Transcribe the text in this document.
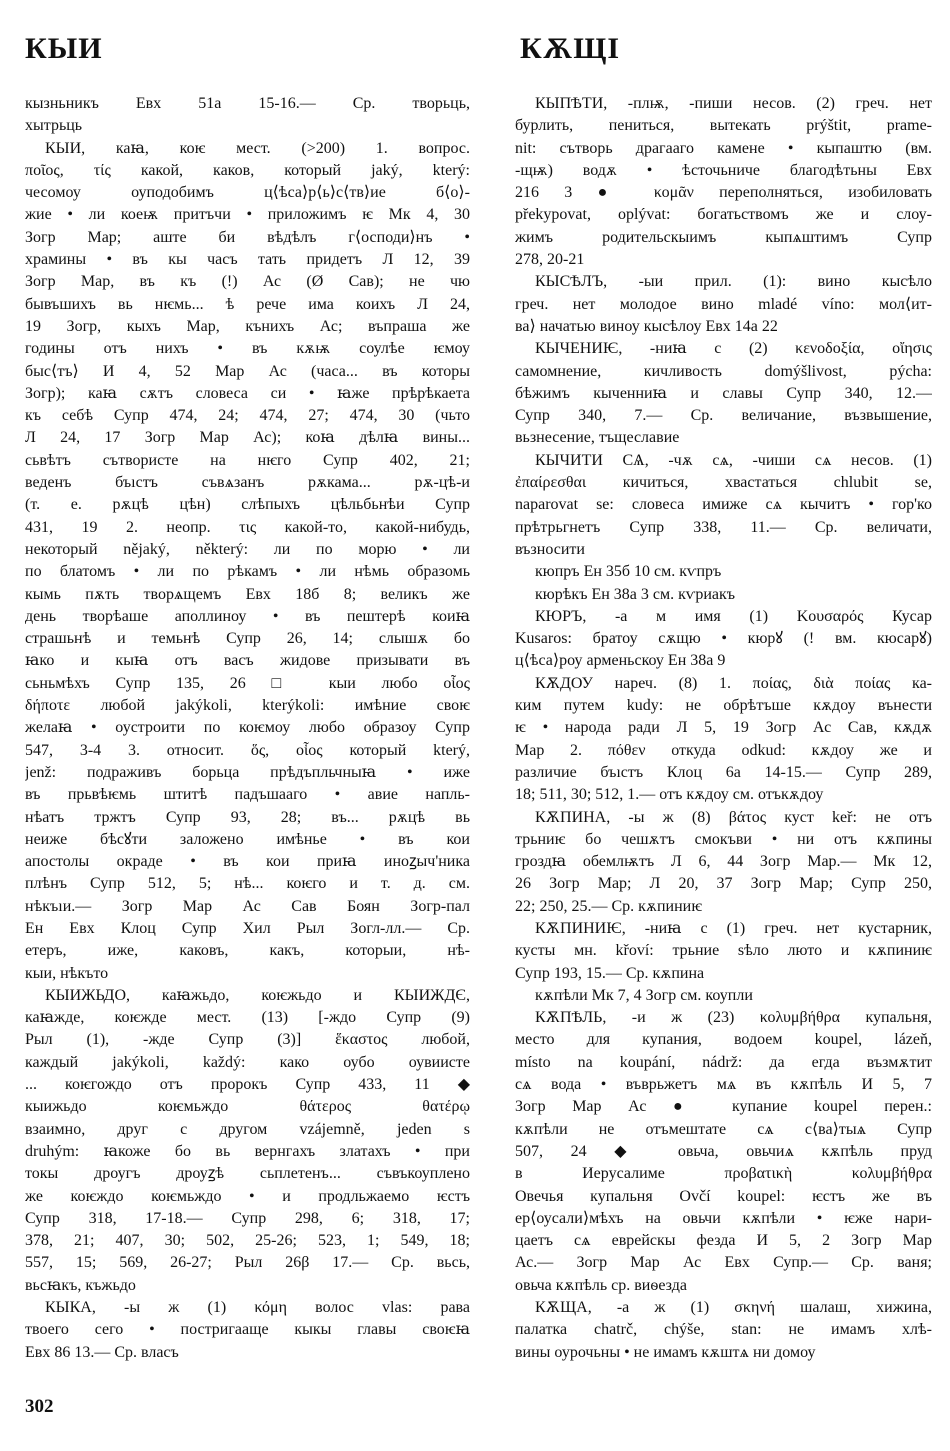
КЫИ	КѪЩІ
кызньникъ Евх 51а 15-16.— Ср. творьць,
хытрьць
КЫИ, каꙗ, коѥ мест. (>200) 1. вопрос.
ποῖος, τίς какой, каков, который jaký, který:
чесомоу оуподобимъ ц⟨ѣса⟩р⟨ь⟩с⟨тв⟩ие б⟨о⟩-
жие • ли коеѭ притъчи • приложимъ ѥ Мк 4, 30
Зогр Мар; аште би вѣдѣлъ г⟨осподи⟩нъ •
храмины • въ кы часъ тать придетъ Л 12, 39
Зогр Мар, въ къ (!) Ас (Ø Сав); не чю
бывъшихъ вь нѥмь... ѣ рече има коихъ Л 24,
19 Зогр, кыхъ Мар, кънихъ Ас; въпраша же
годины отъ нихъ • въ кѫѭ соулѣе ѥмоу
быс⟨тъ⟩ И 4, 52 Мар Ас (часа... въ которы
Зогр); каꙗ сѫтъ словеса си • ꙗже прѣрѣкаета
къ себѣ Супр 474, 24; 474, 27; 474, 30 (чьто
Л 24, 17 Зогр Мар Ас); коꙗ дѣлꙗ вины...
сьвѣтъ сътвористе на нѥго Супр 402, 21;
веденъ бъıстъ съвѧзанъ рѫкама... рѫ-цѣ-и
(т. е. рѫцѣ цѣн) слѣпыхъ цѣльбьнѣи Супр
431, 19 2. неопр. τις какой-то, какой-нибудь,
некоторый nějaký, některý: ли по морю • ли
по блатомъ • ли по рѣкамъ • ли нѣмь образомь
кымь пѫть творѧщемъ Евх 18б 8; великъ же
день творѣаше аполлиноу • въ пештерѣ коиꙗ
страшьнѣ и темьнѣ Супр 26, 14; слышѫ бо
ꙗко и кыꙗ отъ васъ жидове призывати въ
сьньмѣхъ Супр 135, 26 □ кыи любо οἷος
δήποτε любой jakýkoli, kterýkoli: имѣние своѥ
желаꙗ • оустроити по коѥмоу любо образоу Супр
547, 3-4 3. относит. ὅς, οἷος который který,
jenž: подраживъ борьца прѣдъпльчныꙗ • иже
въ прьвѣѥмь штитѣ падъшааго • авие напль-
нѣатъ тржтъ Супр 93, 28; въ... рѫцѣ вь
неиже бѣсꙋти заложено имѣнье • въ кои
апостолы окраде • въ кои приꙗ иноꙁыч'ника
плѣнъ Супр 512, 5; нѣ... коѥго и т. д. см.
нѣкъıи.— Зогр Мар Ас Сав Боян Зогр-пал
Ен Евх Клоц Супр Хил Рыл Зогл-лл.— Ср.
етеръ, иже, каковъ, какъ, которыи, нѣ-
кыи, нѣкъто
КЫИЖЬДО, каꙗжьдо, коѥжьдо и КЫИЖДЄ,
каꙗжде, коѥжде мест. (13) [-ждо Супр (9)
Рыл (1), -жде Супр (3)] ἕκαστος любой,
каждый jakýkoli, každý: како оубо оувиисте
... коѥгождо отъ пророкъ Супр 433, 11 ◆
кыижьдо коѥмьждо θάτερος θατέρῳ
взаимно, друг с другом vzájemně, jeden s
druhým: ꙗкоже бо вь вернгахъ златахъ • при
токы дроугъ дроуꙁѣ сьплетенъ... съвъкоуплено
же коѥждо коѥмьждо • и продльжаемо ѥстъ
Супр 318, 17-18.— Супр 298, 6; 318, 17;
378, 21; 407, 30; 502, 25-26; 523, 1; 549, 18;
557, 15; 569, 26-27; Рыл 26β 17.— Ср. вьсь,
вьсꙗкъ, къжьдо
КЫКА, -ы ж (1) κόμη волос vlas: рава
твоего сего • постригааще кыкы главы своѥꙗ
Евх 86 13.— Ср. власъ
КЫПѢТИ, -плѭ, -пиши несов. (2) греч. нет
бурлить, пениться, вытекать prýštit, prame-
nit: сътворь драгааго камене • кыпаштю (вм.
-щѭ) водѫ • ѣсточьниче благодѣтьны Евх
216 3 ● κομᾶν переполняться, изобиловать
překypovat, oplývat: богатьствомъ же и слоу-
жимъ родительскыимъ кыпѧштимъ Супр
278, 20-21
КЫСѢЛЪ, -ыи прил. (1): вино кысѣло
греч. нет молодое вино mladé víno: мол⟨ит-
ва⟩ начатью виноу кысѣлоу Евх 14а 22
КЫЧЕНИѤ, -ниꙗ с (2) κενοδοξία, οἴησις
самомнение, кичливость domýšlivost, pýcha:
бѣжимъ кыченниꙗ и славы Супр 340, 12.—
Супр 340, 7.— Ср. величание, възвышение,
вьзнесение, тъщеславие
КЫЧИТИ СѦ, -чѫ сѧ, -чиши сѧ несов. (1)
ἐπαίρεσθαι кичиться, хвастаться chlubit se,
naparovat se: словеса имиже сѧ кычитъ • гор'ко
прѣтрьгнетъ Супр 338, 11.— Ср. величати,
възносити
кюпръ Ен 35б 10 см. кѵпръ
кюрѣкъ Ен 38а 3 см. кѵриакъ
КЮРЪ, -а м имя (1) Κουσαρός Кусар
Kusaros: братоу сѫщю • кюрꙋ (! вм. кюсарꙋ)
ц⟨ѣса⟩роу арменьскоу Ен 38а 9
КѪДОУ нареч. (8) 1. ποίας, διὰ ποίας ка-
ким путем kudy: не обрѣтъше кѫдоу вънести
ѥ • народа ради Л 5, 19 Зогр Ас Сав, кѫдѫ
Мар 2. πόθεν откуда odkud: кѫдоу же и
различие бъıстъ Клоц 6а 14-15.— Супр 289,
18; 511, 30; 512, 1.— отъ кѫдоу см. отъкѫдоу
КѪПИНА, -ы ж (8) βάτος куст keř: не отъ
трьниѥ бо чешѫтъ смокъви • ни отъ кѫпины
гроздꙗ обемлѭтъ Л 6, 44 Зогр Мар.— Мк 12,
26 Зогр Мар; Л 20, 37 Зогр Мар; Супр 250,
22; 250, 25.— Ср. кѫпиниѥ
КѪПИНИѤ, -ниꙗ с (1) греч. нет кустарник,
кусты мн. křoví: трьние ѕѣло люто и кѫпиниѥ
Супр 193, 15.— Ср. кѫпина
кѫпѣли Мк 7, 4 Зогр см. коупли
КѪПѢЛЬ, -и ж (23) κολυμβήθρα купальня,
место для купания, водоем koupel, lázeň,
místo na koupání, nádrž: да егда възмѫтит
сѧ вода • въврьжетъ мѧ въ кѫпѣль И 5, 7
Зогр Мар Ас ● купание koupel перен.:
кѫпѣли не отъмештате сѧ с⟨ва⟩тыѧ Супр
507, 24 ◆ овьча, овьчиѧ кѫпѣль пруд
в Иерусалиме προβατικὴ κολυμβήθρα
Овечья купальня Ovčí koupel: ѥстъ же въ
ер⟨оусали⟩мѣхъ на овьчи кѫпѣли • ѥже нари-
цаетъ сѧ еврейскы фезда И 5, 2 Зогр Мар
Ас.— Зогр Мар Ас Евх Супр.— Ср. ваня;
овьча кѫпѣль ср. виѳезда
КѪЩА, -а ж (1) σκηνή шалаш, хижина,
палатка chatrč, chýše, stan: не имамъ хлѣ-
вины оурочьны • не имамъ кѫштѧ ни домоу
302
